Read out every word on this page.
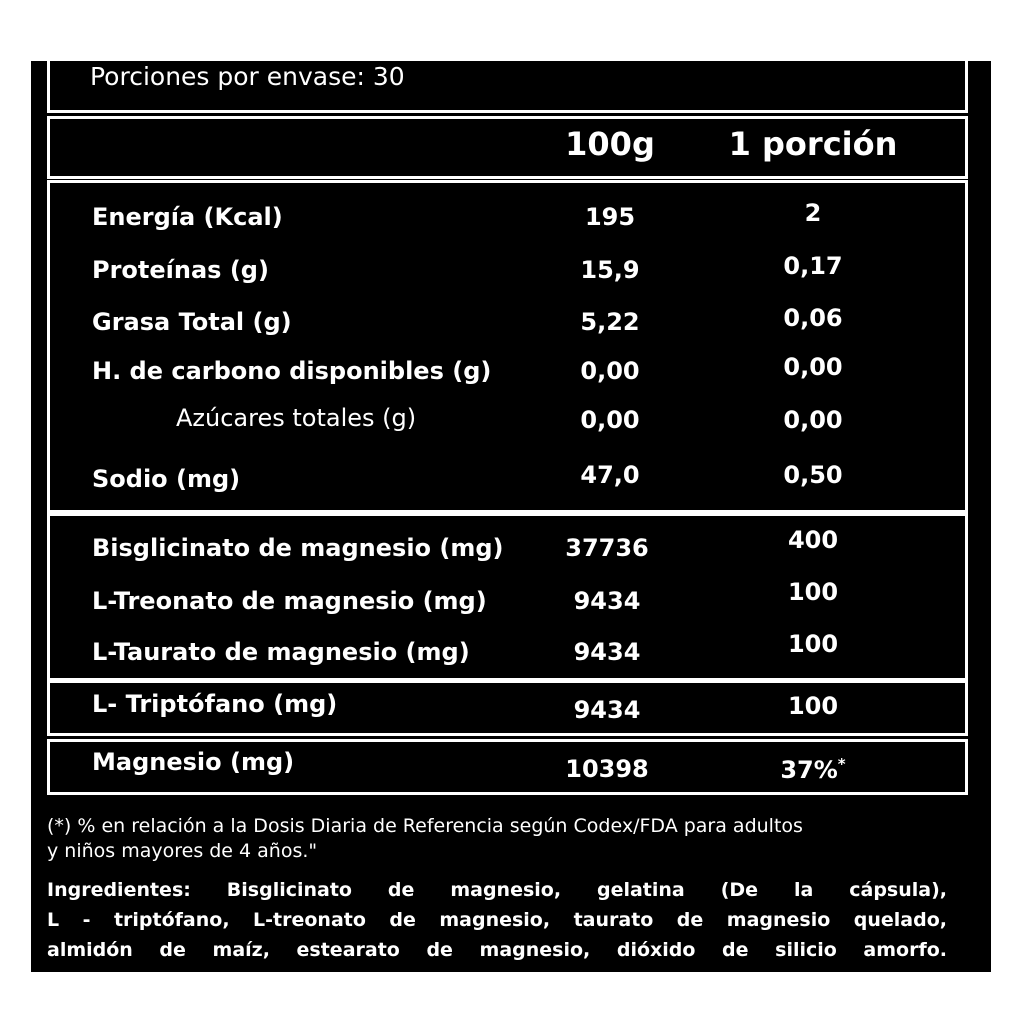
Porciones por envase: 30
100g	1 porción
Energía (Kcal)	195	2
Proteínas (g)	15,9	0,17
Grasa Total (g)	5,22	0,06
H. de carbono disponibles (g)	0,00	0,00
Azúcares totales (g)	0,00	0,00
Sodio (mg)	47,0	0,50
Bisglicinato de magnesio (mg)	37736	400
L-Treonato de magnesio (mg)	9434	100
L-Taurato de magnesio (mg)	9434	100
L- Triptófano (mg)	9434	100
Magnesio (mg)	10398	37%*
(*) % en relación a la Dosis Diaria de Referencia según Codex/FDA para adultos
y niños mayores de 4 años."
Ingredientes: Bisglicinato de magnesio, gelatina (De la cápsula),
L - triptófano, L-treonato de magnesio, taurato de magnesio quelado,
almidón de maíz, estearato de magnesio, dióxido de silicio amorfo.
